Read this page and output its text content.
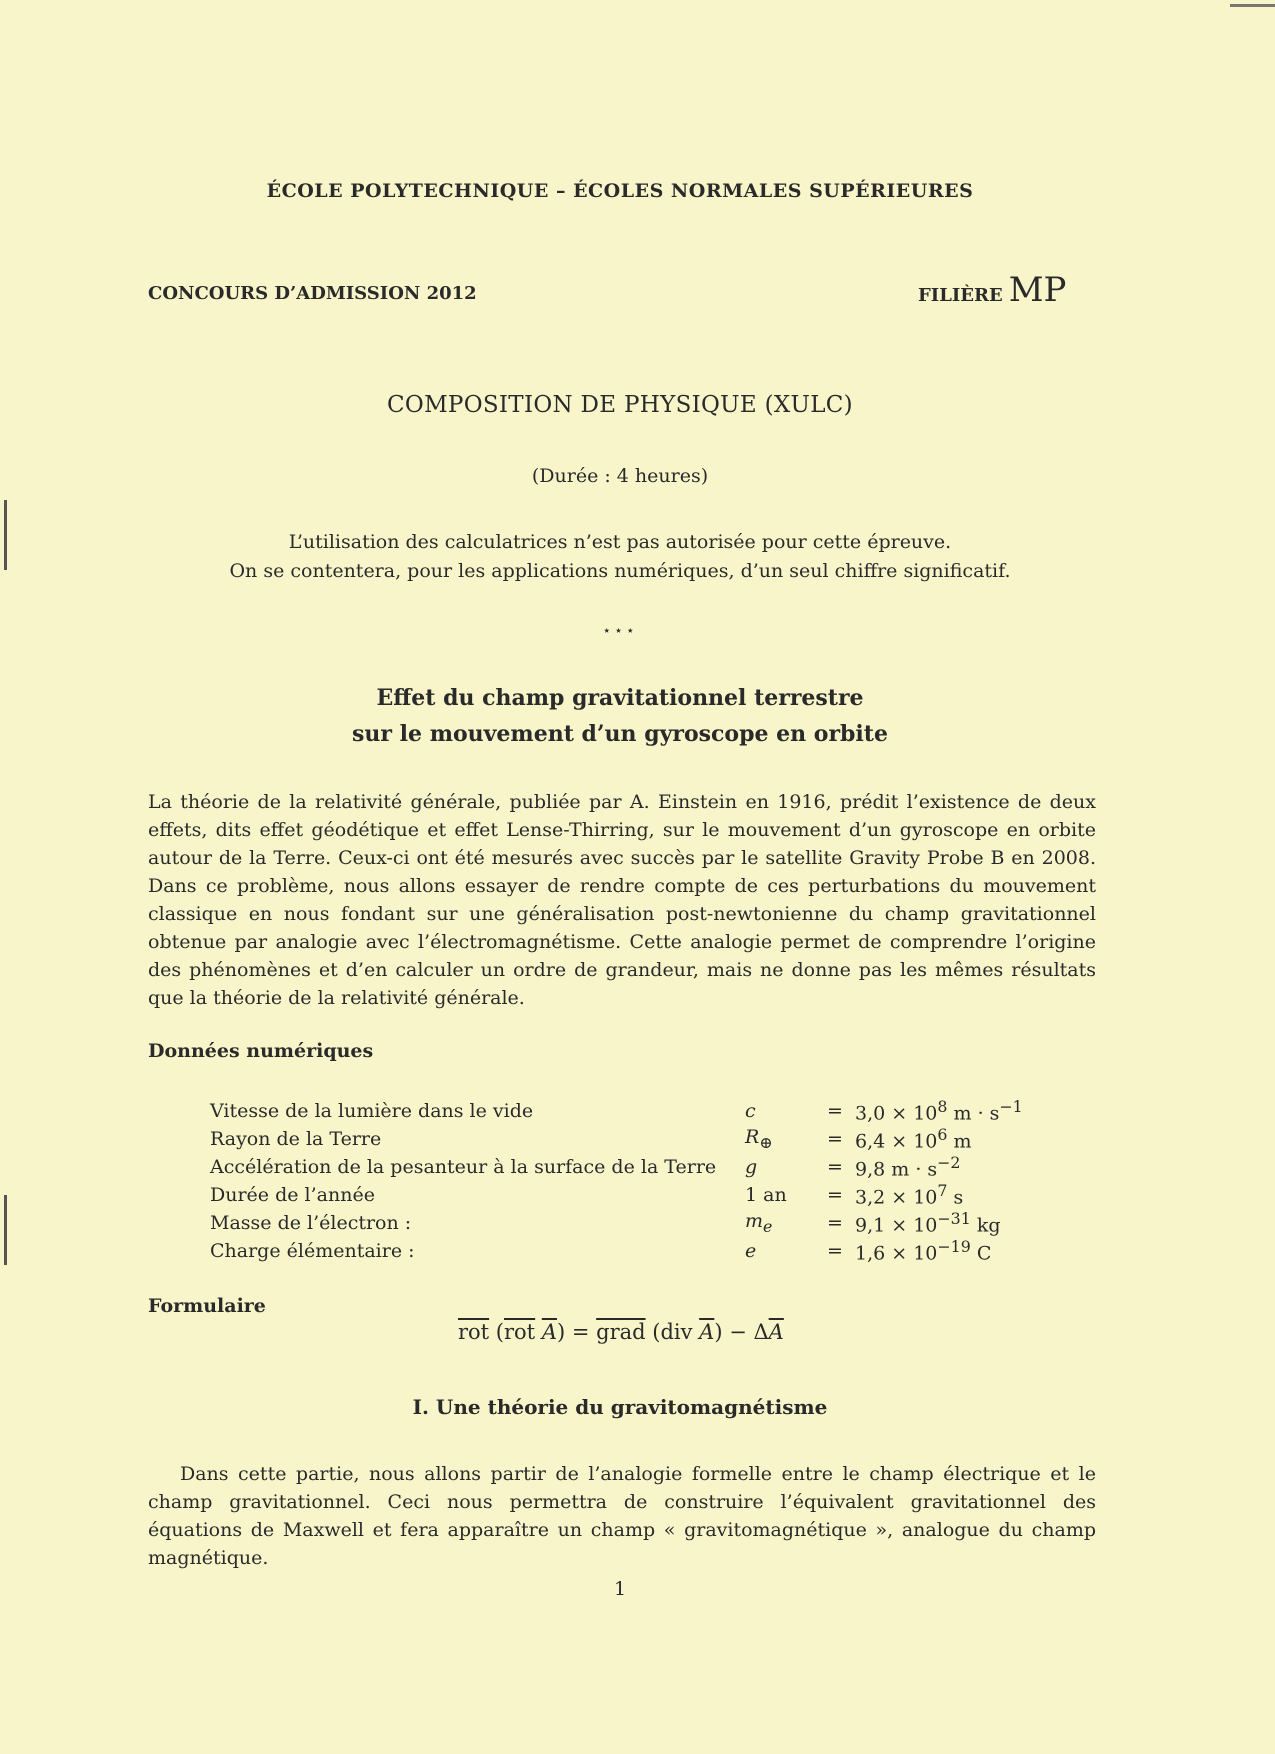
ÉCOLE POLYTECHNIQUE – ÉCOLES NORMALES SUPÉRIEURES
CONCOURS D’ADMISSION 2012	FILIÈRE MP
COMPOSITION DE PHYSIQUE (XULC)
(Durée : 4 heures)
L’utilisation des calculatrices n’est pas autorisée pour cette épreuve.
On se contentera, pour les applications numériques, d’un seul chiffre significatif.
⋆⋆⋆
Effet du champ gravitationnel terrestre
sur le mouvement d’un gyroscope en orbite
La théorie de la relativité générale, publiée par A. Einstein en 1916, prédit l’existence de deux effets, dits effet géodétique et effet Lense-Thirring, sur le mouvement d’un gyroscope en orbite autour de la Terre. Ceux-ci ont été mesurés avec succès par le satellite Gravity Probe B en 2008. Dans ce problème, nous allons essayer de rendre compte de ces perturbations du mouvement classique en nous fondant sur une généralisation post-newtonienne du champ gravitationnel obtenue par analogie avec l’électromagnétisme. Cette analogie permet de comprendre l’origine des phénomènes et d’en calculer un ordre de grandeur, mais ne donne pas les mêmes résultats que la théorie de la relativité générale.
Données numériques
Vitesse de la lumière dans le vide	c	=	$3,0 \times 10^8$ $m \cdot s^{-1}$
Rayon de la Terre	$R_\oplus$	=	$6,4 \times 10^6$ m
Accélération de la pesanteur à la surface de la Terre	g	=	9,8 $m \cdot s^{-2}$
Durée de l’année	1 an	=	$3,2 \times 10^7$ s
Masse de l’électron :	$m_e$	=	$9,1 \times 10^{-31}$ kg
Charge élémentaire :	e	=	$1,6 \times 10^{-19}$ C
Formulaire
$\overline{rot}$ ($\overline{rot}$ $\overline{A}$) = grad (div $\overline{A}) - \Delta\overline{A}$
I. Une théorie du gravitomagnétisme
Dans cette partie, nous allons partir de l’analogie formelle entre le champ électrique et le champ gravitationnel. Ceci nous permettra de construire l’équivalent gravitationnel des équations de Maxwell et fera apparaître un champ « gravitomagnétique », analogue du champ magnétique.
1
